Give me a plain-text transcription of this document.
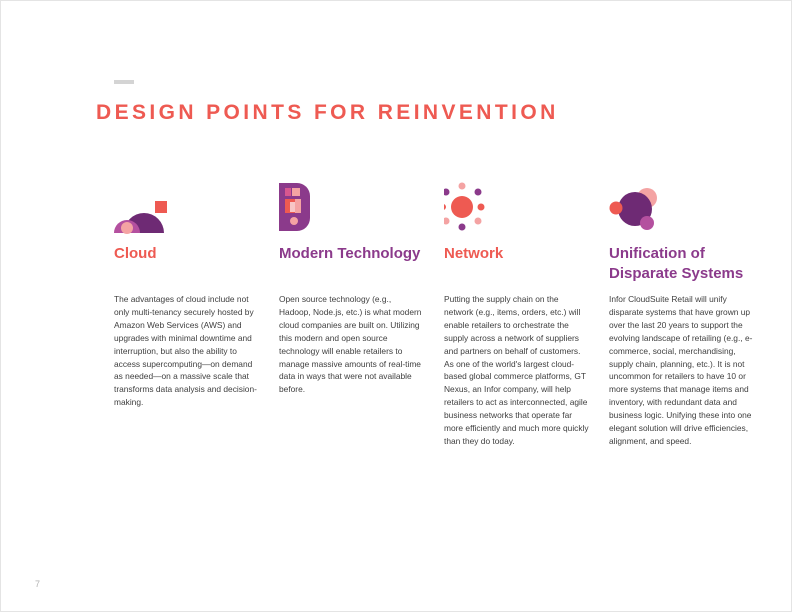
DESIGN POINTS FOR REINVENTION
Cloud

The advantages of cloud include not only multi-tenancy securely hosted by Amazon Web Services (AWS) and upgrades with minimal downtime and interruption, but also the ability to access supercomputing—on demand as needed—on a massive scale that transforms data analysis and decision-making.

Modern Technology

Open source technology (e.g., Hadoop, Node.js, etc.) is what modern cloud companies are built on. Utilizing this modern and open source technology will enable retailers to manage massive amounts of real-time data in ways that were not available before.

Network

Putting the supply chain on the network (e.g., items, orders, etc.) will enable retailers to orchestrate the supply across a network of suppliers and partners on behalf of customers. As one of the world's largest cloud-based global commerce platforms, GT Nexus, an Infor company, will help retailers to act as interconnected, agile business networks that operate far more efficiently and much more quickly than they do today.

Unification of Disparate Systems

Infor CloudSuite Retail will unify disparate systems that have grown up over the last 20 years to support the evolving landscape of retailing (e.g., e-commerce, social, merchandising, supply chain, planning, etc.). It is not uncommon for retailers to have 10 or more systems that manage items and inventory, with redundant data and business logic. Unifying these into one elegant solution will drive efficiencies, alignment, and speed.

7
